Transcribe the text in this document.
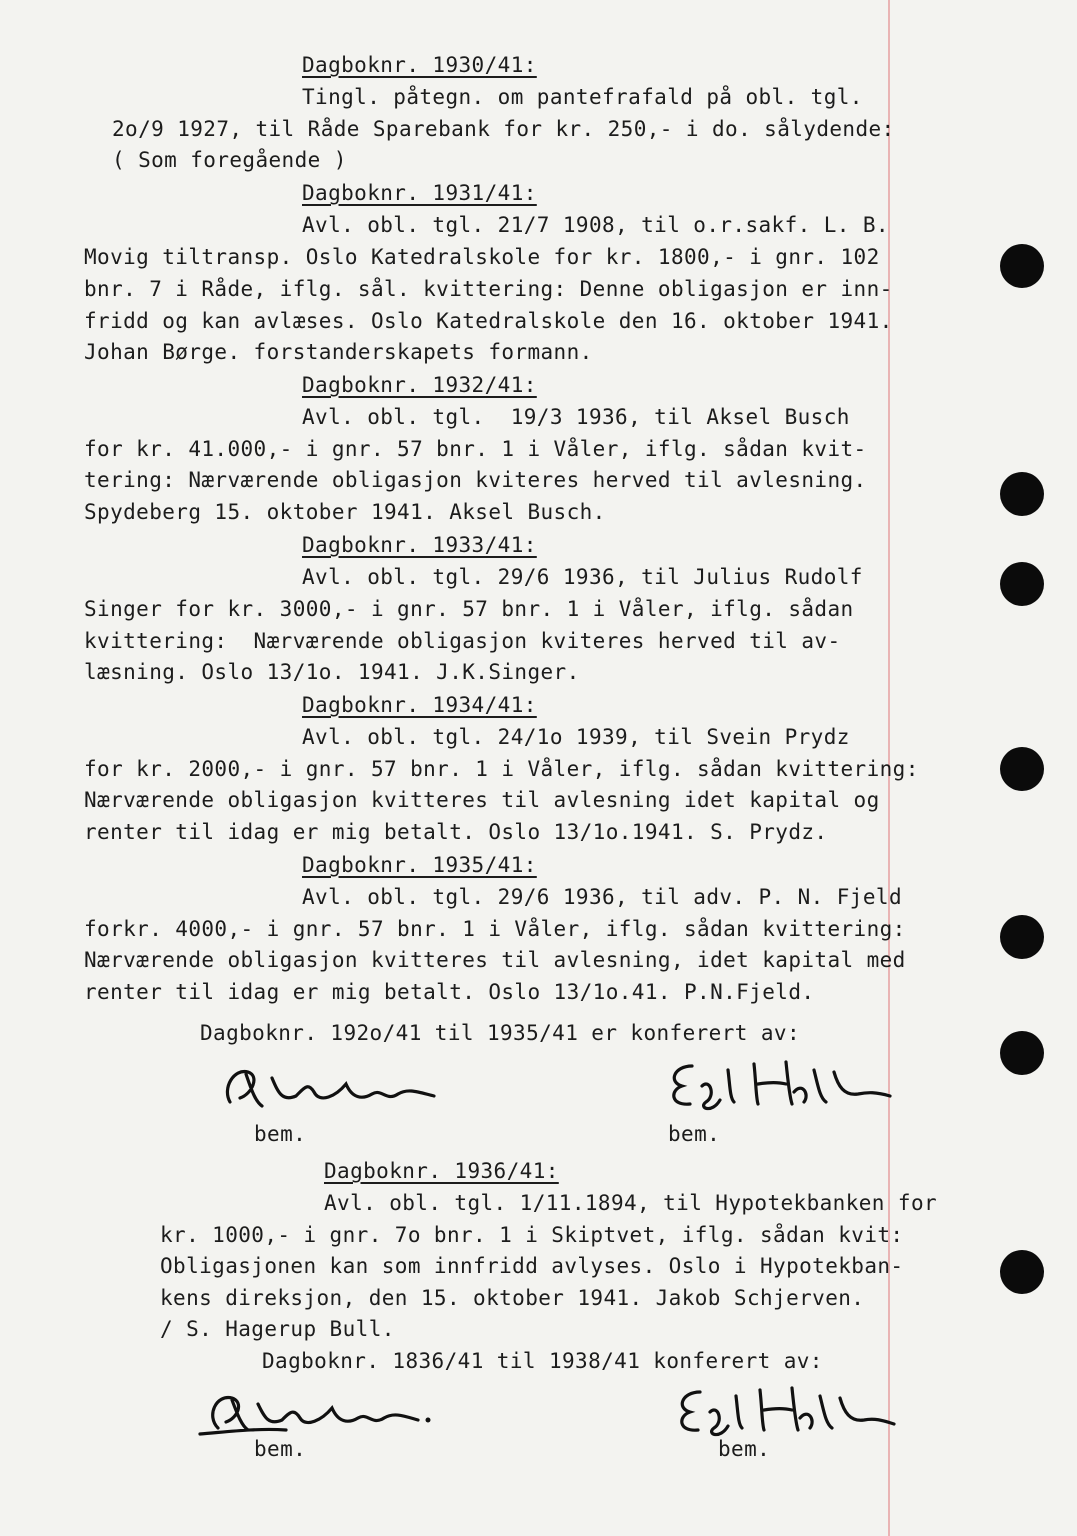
Dagboknr. 1930/41:
Tingl. påtegn. om pantefrafald på obl. tgl.
2o/9 1927, til Råde Sparebank for kr. 250,- i do. sålydende:
( Som foregående )
Dagboknr. 1931/41:
Avl. obl. tgl. 21/7 1908, til o.r.sakf. L. B.
Movig tiltransp. Oslo Katedralskole for kr. 1800,- i gnr. 102
bnr. 7 i Råde, iflg. sål. kvittering: Denne obligasjon er inn-
fridd og kan avlæses. Oslo Katedralskole den 16. oktober 1941.
Johan Børge. forstanderskapets formann.
Dagboknr. 1932/41:
Avl. obl. tgl.  19/3 1936, til Aksel Busch
for kr. 41.000,- i gnr. 57 bnr. 1 i Våler, iflg. sådan kvit-
tering: Nærværende obligasjon kviteres herved til avlesning.
Spydeberg 15. oktober 1941. Aksel Busch.
Dagboknr. 1933/41:
Avl. obl. tgl. 29/6 1936, til Julius Rudolf
Singer for kr. 3000,- i gnr. 57 bnr. 1 i Våler, iflg. sådan
kvittering:  Nærværende obligasjon kviteres herved til av-
læsning. Oslo 13/1o. 1941. J.K.Singer.
Dagboknr. 1934/41:
Avl. obl. tgl. 24/1o 1939, til Svein Prydz
for kr. 2000,- i gnr. 57 bnr. 1 i Våler, iflg. sådan kvittering:
Nærværende obligasjon kvitteres til avlesning idet kapital og
renter til idag er mig betalt. Oslo 13/1o.1941. S. Prydz.
Dagboknr. 1935/41:
Avl. obl. tgl. 29/6 1936, til adv. P. N. Fjeld
forkr. 4000,- i gnr. 57 bnr. 1 i Våler, iflg. sådan kvittering:
Nærværende obligasjon kvitteres til avlesning, idet kapital med
renter til idag er mig betalt. Oslo 13/1o.41. P.N.Fjeld.
Dagboknr. 192o/41 til 1935/41 er konferert av:
bem.	bem.
Dagboknr. 1936/41:
Avl. obl. tgl. 1/11.1894, til Hypotekbanken for
kr. 1000,- i gnr. 7o bnr. 1 i Skiptvet, iflg. sådan kvit:
Obligasjonen kan som innfridd avlyses. Oslo i Hypotekban-
kens direksjon, den 15. oktober 1941. Jakob Schjerven.
/ S. Hagerup Bull.
Dagboknr. 1836/41 til 1938/41 konferert av:
bem.	bem.
